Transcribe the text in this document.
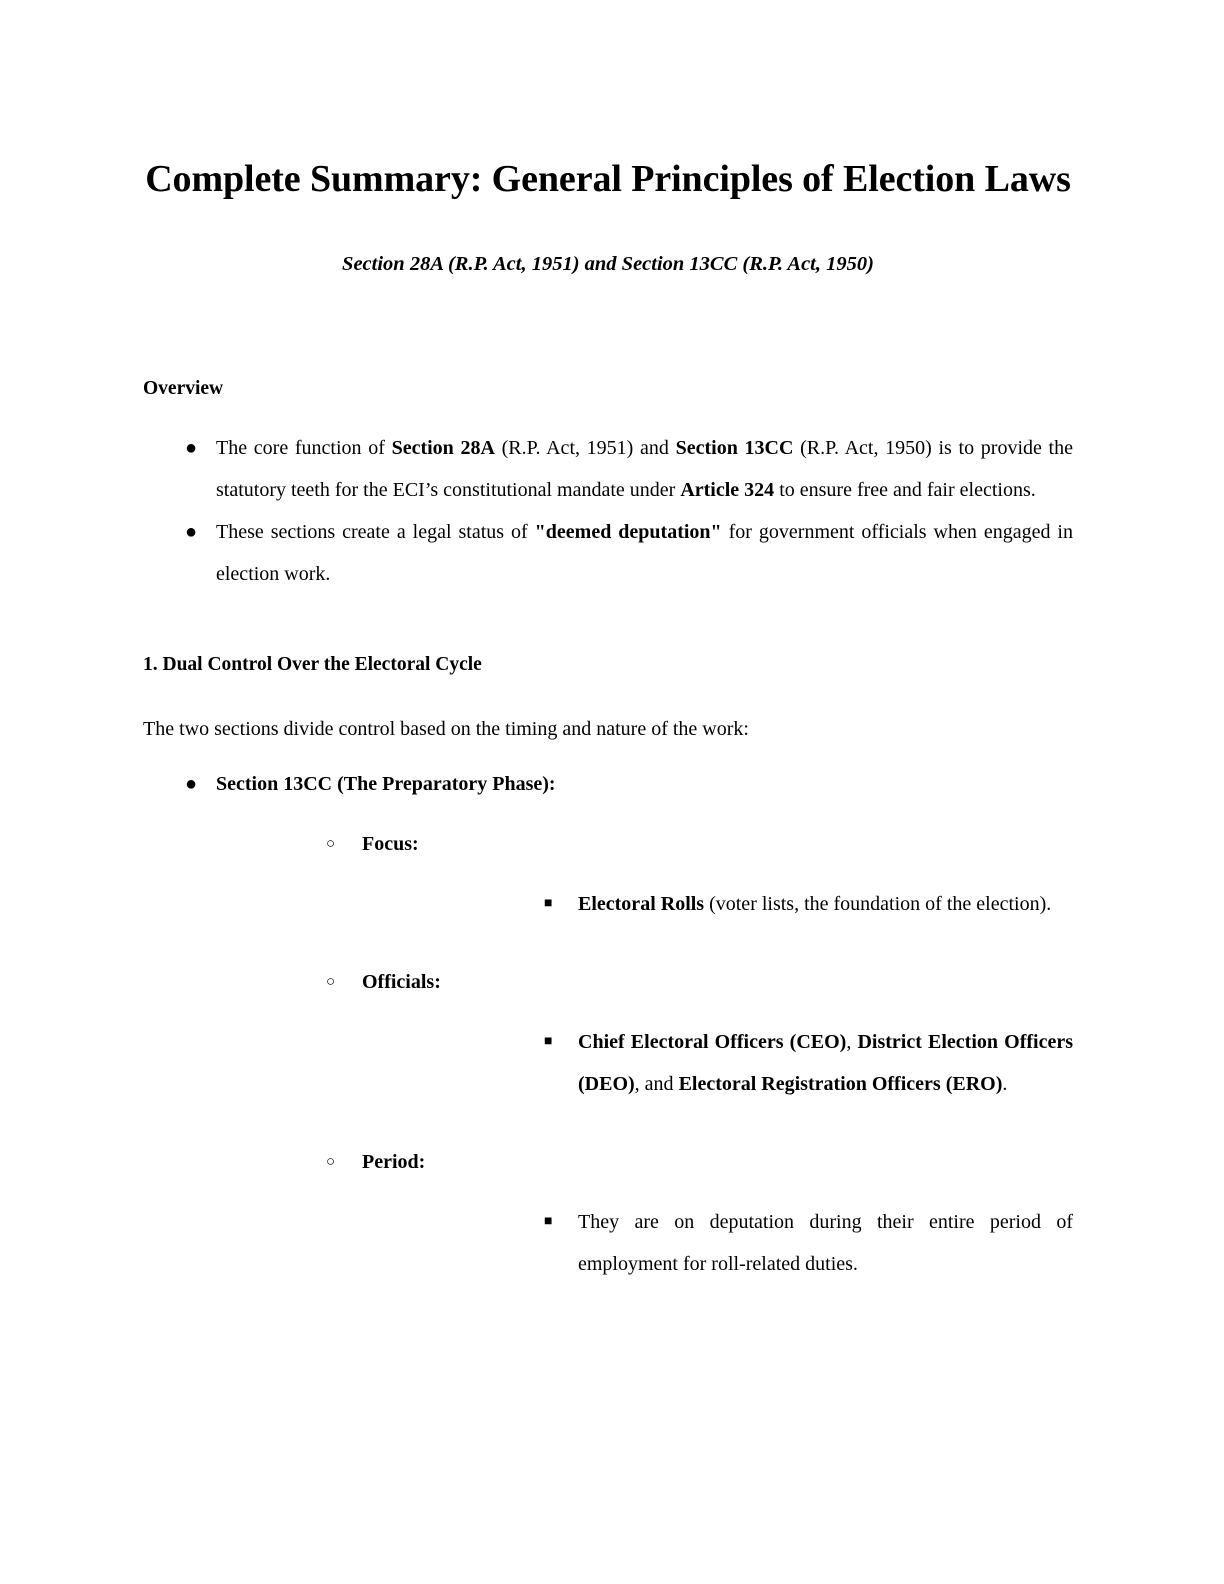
Complete Summary: General Principles of Election Laws

Section 28A (R.P. Act, 1951) and Section 13CC (R.P. Act, 1950)

Overview
● The core function of Section 28A (R.P. Act, 1951) and Section 13CC (R.P. Act, 1950) is to provide the statutory teeth for the ECI’s constitutional mandate under Article 324 to ensure free and fair elections.
● These sections create a legal status of "deemed deputation" for government officials when engaged in election work.
1. Dual Control Over the Electoral Cycle

The two sections divide control based on the timing and nature of the work:

● Section 13CC (The Preparatory Phase):
○ Focus:
■ Electoral Rolls (voter lists, the foundation of the election).
○ Officials:
■ Chief Electoral Officers (CEO), District Election Officers (DEO), and Electoral Registration Officers (ERO).
○ Period:
■ They are on deputation during their entire period of employment for roll-related duties.
